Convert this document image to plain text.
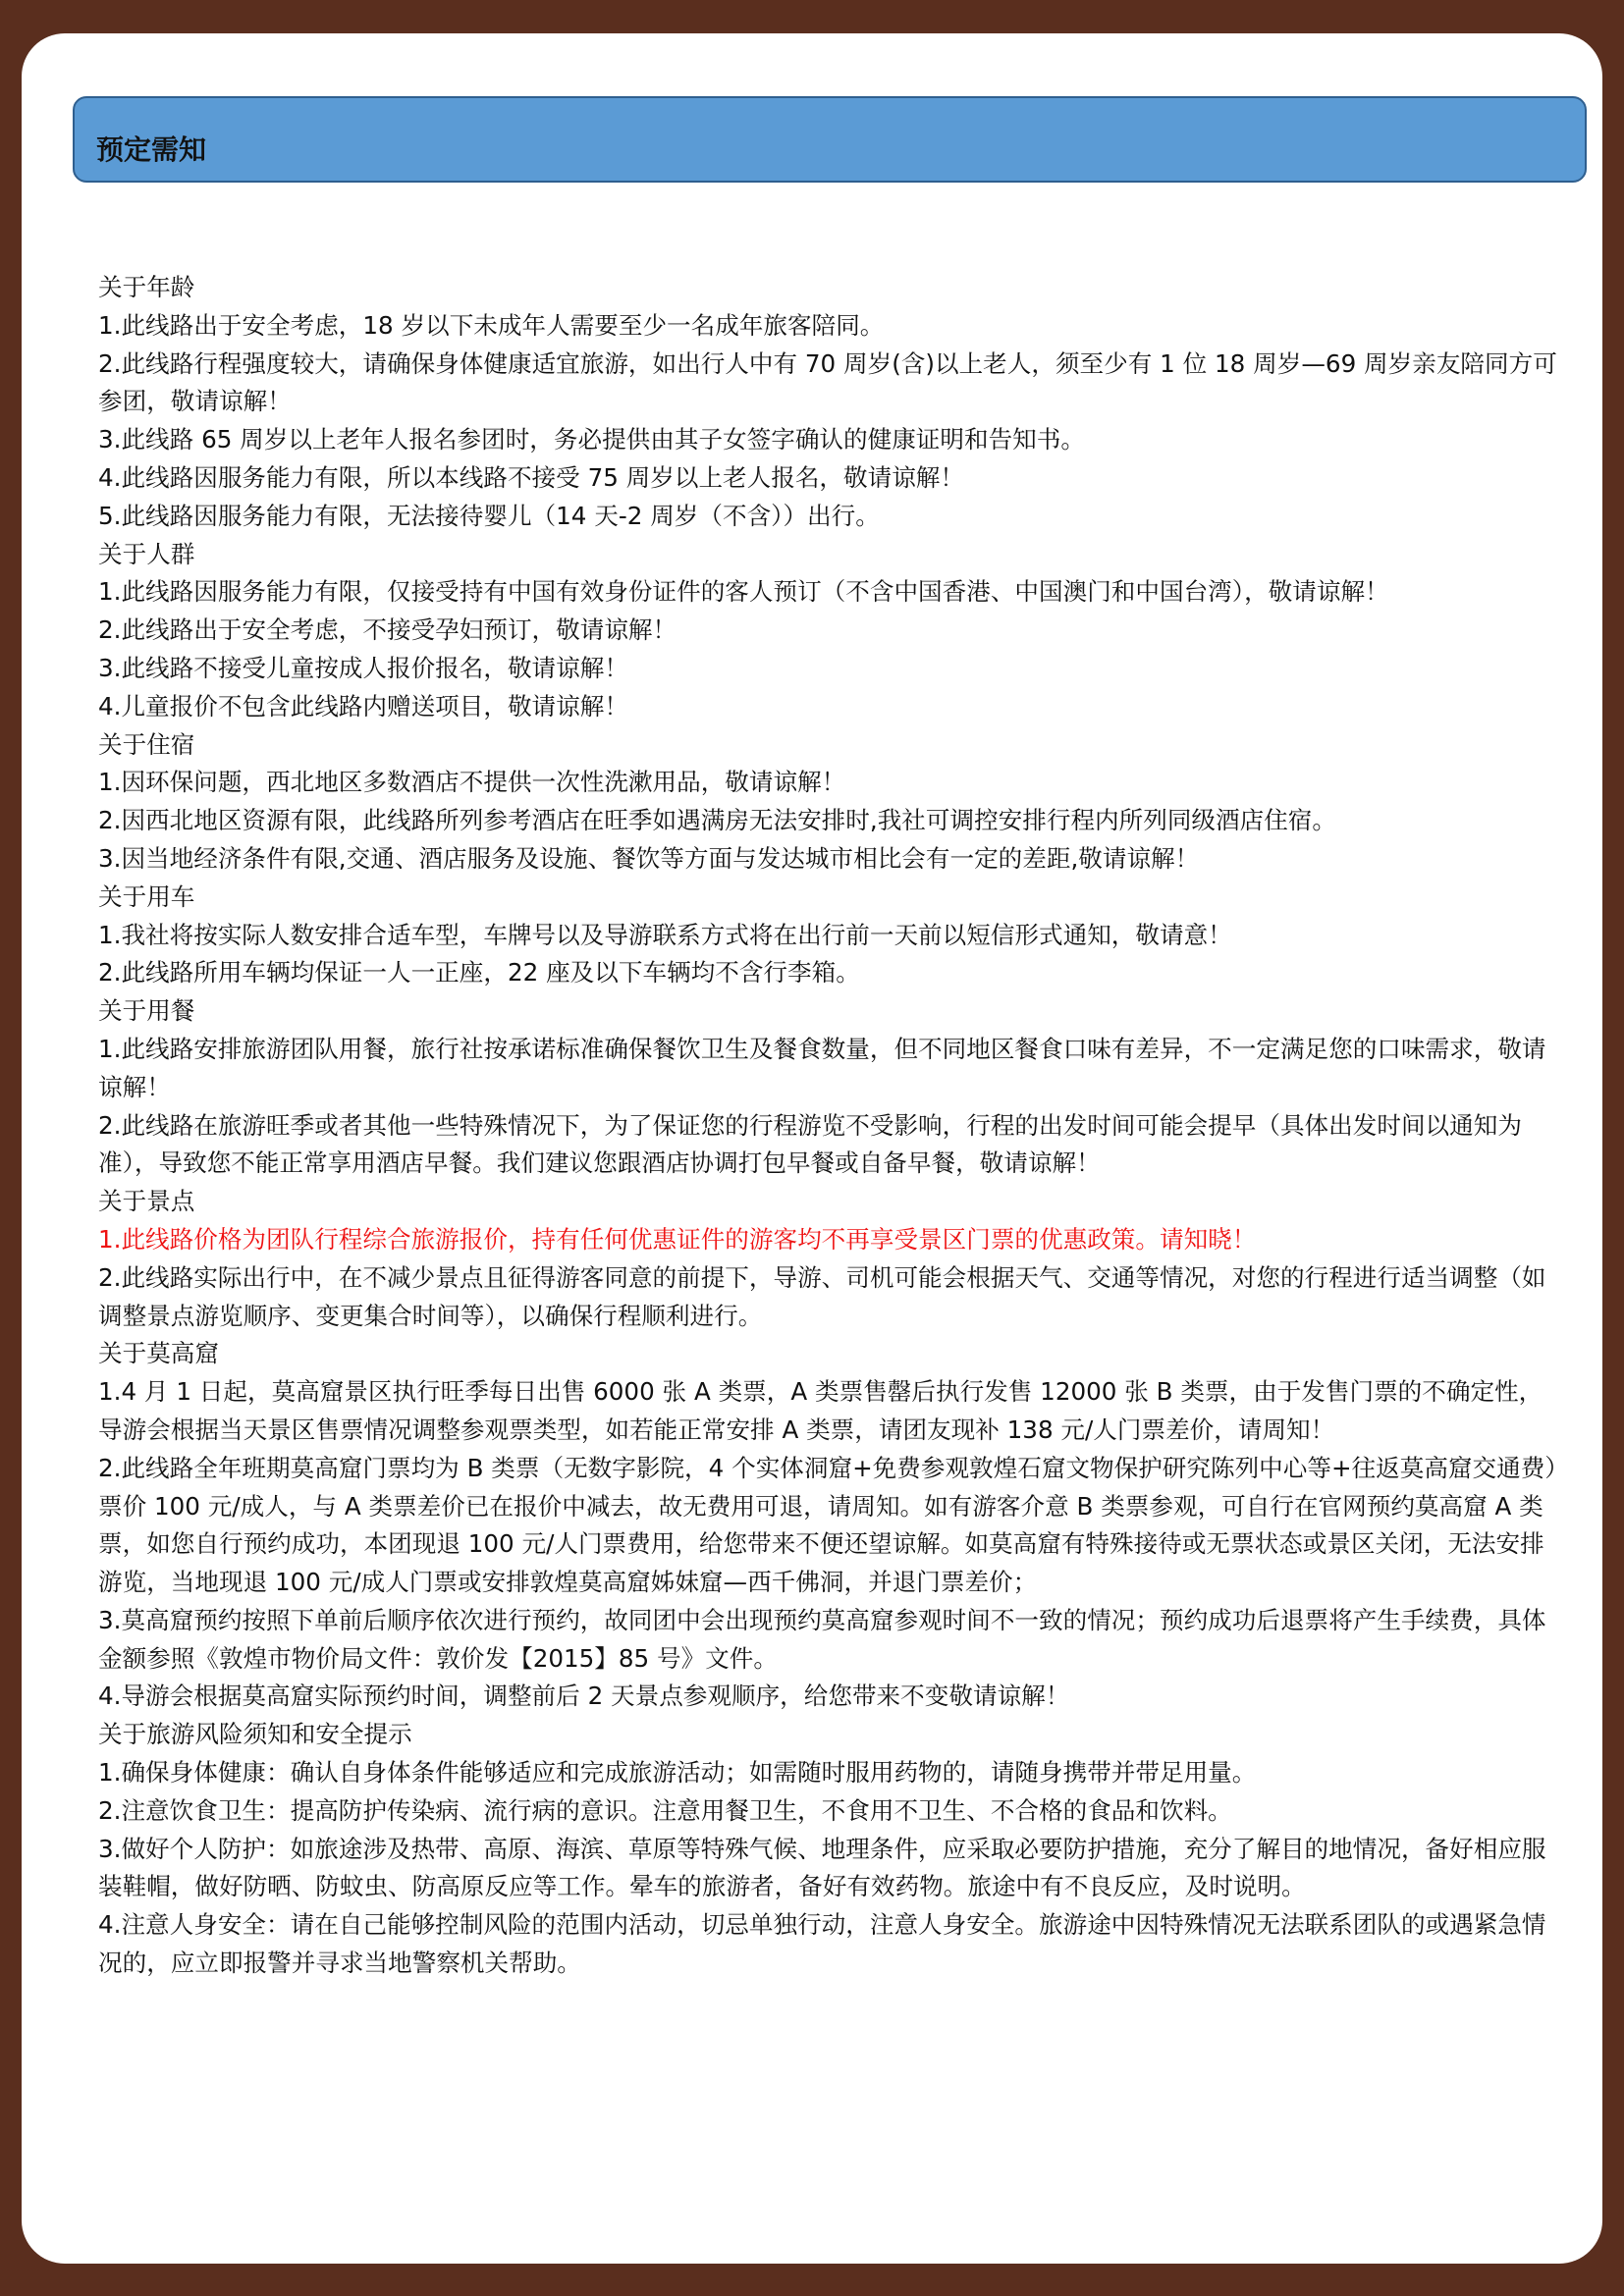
预定需知

关于年龄

1.此线路出于安全考虑，18 岁以下未成年人需要至少一名成年旅客陪同。

2.此线路行程强度较大，请确保身体健康适宜旅游，如出行人中有 70 周岁(含)以上老人，须至少有 1 位 18 周岁—69 周岁亲友陪同方可参团，敬请谅解！

3.此线路 65 周岁以上老年人报名参团时，务必提供由其子女签字确认的健康证明和告知书。

4.此线路因服务能力有限，所以本线路不接受 75 周岁以上老人报名，敬请谅解！

5.此线路因服务能力有限，无法接待婴儿（14 天-2 周岁（不含））出行。

关于人群

1.此线路因服务能力有限，仅接受持有中国有效身份证件的客人预订（不含中国香港、中国澳门和中国台湾），敬请谅解！

2.此线路出于安全考虑，不接受孕妇预订，敬请谅解！

3.此线路不接受儿童按成人报价报名，敬请谅解！

4.儿童报价不包含此线路内赠送项目，敬请谅解！

关于住宿

1.因环保问题，西北地区多数酒店不提供一次性洗漱用品，敬请谅解！

2.因西北地区资源有限，此线路所列参考酒店在旺季如遇满房无法安排时,我社可调控安排行程内所列同级酒店住宿。

3.因当地经济条件有限,交通、酒店服务及设施、餐饮等方面与发达城市相比会有一定的差距,敬请谅解！

关于用车

1.我社将按实际人数安排合适车型，车牌号以及导游联系方式将在出行前一天前以短信形式通知，敬请意！

2.此线路所用车辆均保证一人一正座，22 座及以下车辆均不含行李箱。

关于用餐

1.此线路安排旅游团队用餐，旅行社按承诺标准确保餐饮卫生及餐食数量，但不同地区餐食口味有差异，不一定满足您的口味需求，敬请谅解！

2.此线路在旅游旺季或者其他一些特殊情况下，为了保证您的行程游览不受影响，行程的出发时间可能会提早（具体出发时间以通知为准），导致您不能正常享用酒店早餐。我们建议您跟酒店协调打包早餐或自备早餐，敬请谅解！

关于景点

1.此线路价格为团队行程综合旅游报价，持有任何优惠证件的游客均不再享受景区门票的优惠政策。请知晓！

2.此线路实际出行中，在不减少景点且征得游客同意的前提下，导游、司机可能会根据天气、交通等情况，对您的行程进行适当调整（如调整景点游览顺序、变更集合时间等），以确保行程顺利进行。

关于莫高窟

1.4 月 1 日起，莫高窟景区执行旺季每日出售 6000 张 A 类票，A 类票售罄后执行发售 12000 张 B 类票，由于发售门票的不确定性，导游会根据当天景区售票情况调整参观票类型，如若能正常安排 A 类票，请团友现补 138 元/人门票差价，请周知！

2.此线路全年班期莫高窟门票均为 B 类票（无数字影院，4 个实体洞窟+免费参观敦煌石窟文物保护研究陈列中心等+往返莫高窟交通费）票价 100 元/成人，与 A 类票差价已在报价中减去，故无费用可退，请周知。如有游客介意 B 类票参观，可自行在官网预约莫高窟 A 类票，如您自行预约成功，本团现退 100 元/人门票费用，给您带来不便还望谅解。如莫高窟有特殊接待或无票状态或景区关闭，无法安排游览，当地现退 100 元/成人门票或安排敦煌莫高窟姊妹窟—西千佛洞，并退门票差价；

3.莫高窟预约按照下单前后顺序依次进行预约，故同团中会出现预约莫高窟参观时间不一致的情况；预约成功后退票将产生手续费，具体金额参照《敦煌市物价局文件：敦价发【2015】85 号》文件。

4.导游会根据莫高窟实际预约时间，调整前后 2 天景点参观顺序，给您带来不变敬请谅解！

关于旅游风险须知和安全提示

1.确保身体健康：确认自身体条件能够适应和完成旅游活动；如需随时服用药物的，请随身携带并带足用量。

2.注意饮食卫生：提高防护传染病、流行病的意识。注意用餐卫生，不食用不卫生、不合格的食品和饮料。

3.做好个人防护：如旅途涉及热带、高原、海滨、草原等特殊气候、地理条件，应采取必要防护措施，充分了解目的地情况，备好相应服装鞋帽，做好防晒、防蚊虫、防高原反应等工作。晕车的旅游者，备好有效药物。旅途中有不良反应，及时说明。

4.注意人身安全：请在自己能够控制风险的范围内活动，切忌单独行动，注意人身安全。旅游途中因特殊情况无法联系团队的或遇紧急情况的，应立即报警并寻求当地警察机关帮助。
